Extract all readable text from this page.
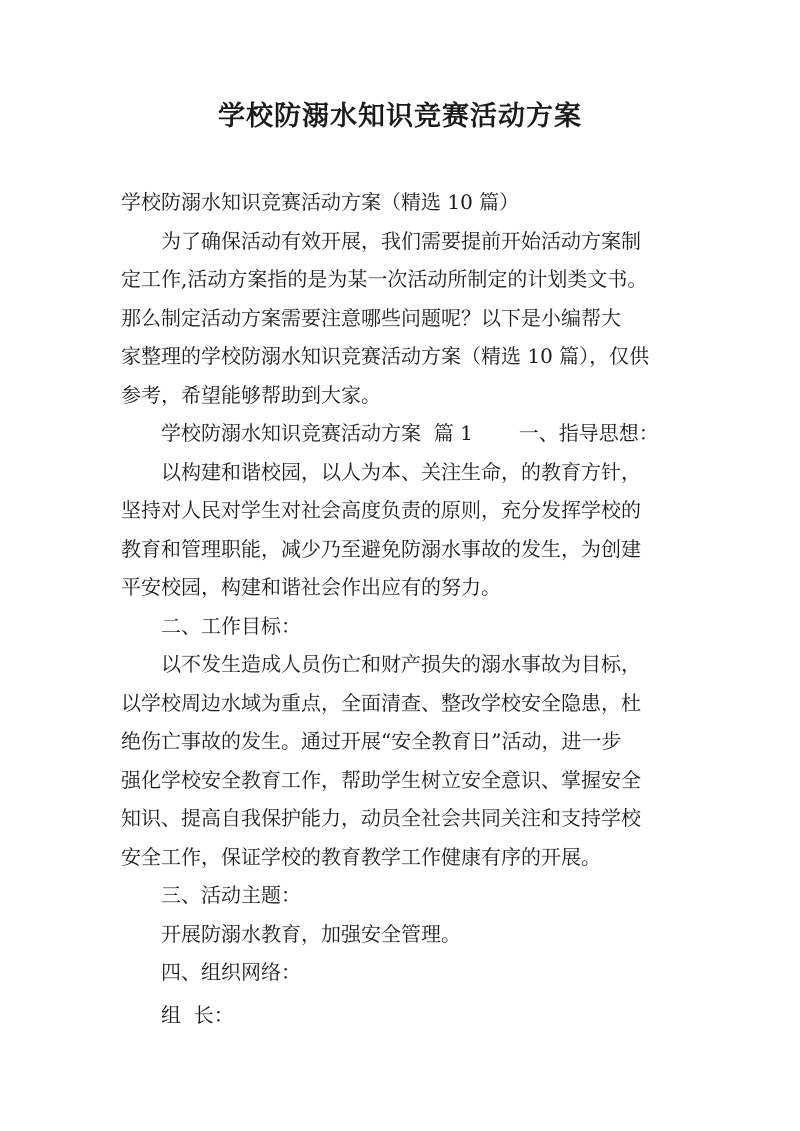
学校防溺水知识竞赛活动方案

学校防溺水知识竞赛活动方案（精选 10 篇）

为了确保活动有效开展，我们需要提前开始活动方案制
定工作,活动方案指的是为某一次活动所制定的计划类文书。
那么制定活动方案需要注意哪些问题呢？以下是小编帮大
家整理的学校防溺水知识竞赛活动方案（精选 10 篇），仅供
参考，希望能够帮助到大家。
学校防溺水知识竞赛活动方案  篇 1 一、指导思想：
以构建和谐校园，以人为本、关注生命，的教育方针，
坚持对人民对学生对社会高度负责的原则，充分发挥学校的
教育和管理职能，减少乃至避免防溺水事故的发生，为创建
平安校园，构建和谐社会作出应有的努力。
二、工作目标：
以不发生造成人员伤亡和财产损失的溺水事故为目标，
以学校周边水域为重点，全面清查、整改学校安全隐患，杜
绝伤亡事故的发生。通过开展“安全教育日”活动，进一步
强化学校安全教育工作，帮助学生树立安全意识、掌握安全
知识、提高自我保护能力，动员全社会共同关注和支持学校
安全工作，保证学校的教育教学工作健康有序的开展。
三、活动主题：
开展防溺水教育，加强安全管理。
四、组织网络：
组  长：
